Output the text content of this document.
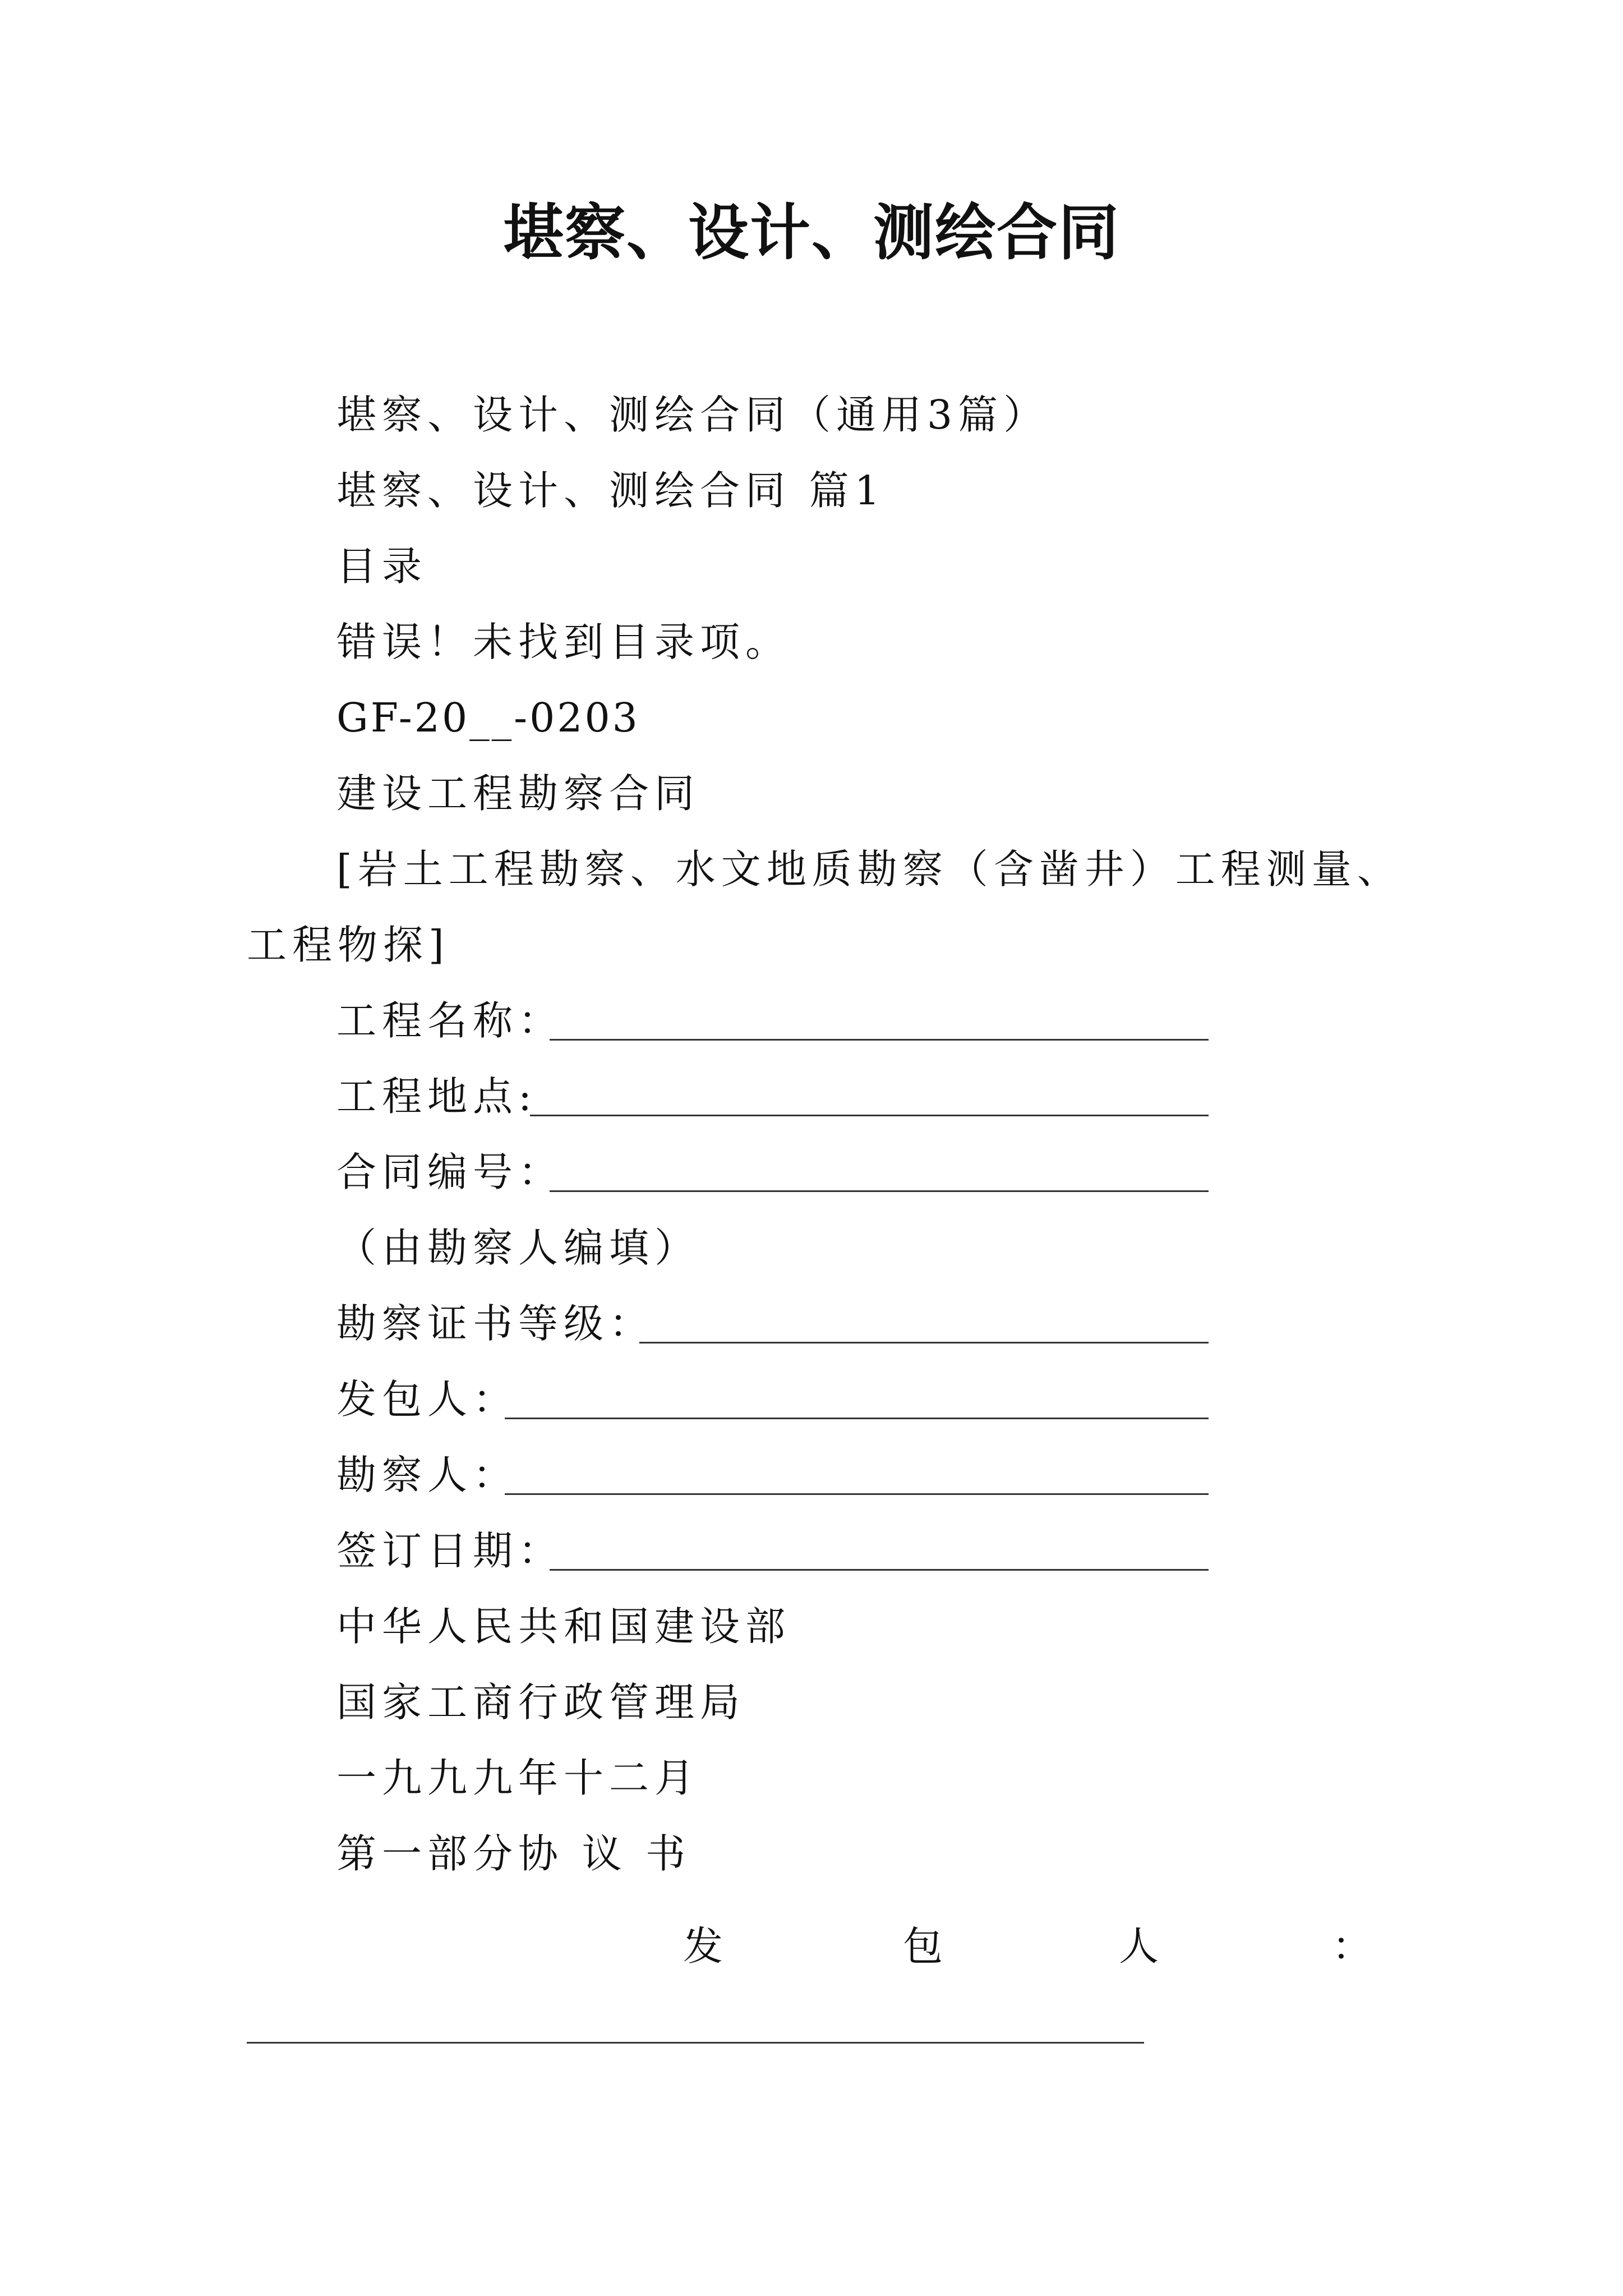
堪察、设计、测绘合同
堪察、设计、测绘合同（通用3篇）
堪察、设计、测绘合同 篇1
目录
错误！未找到目录项。
GF-20__-0203
建设工程勘察合同
[岩土工程勘察、水文地质勘察（含凿井）工程测量、
工程物探]
工程名称：
工程地点:
合同编号：
（由勘察人编填）
勘察证书等级：
发包人：
勘察人：
签订日期：
中华人民共和国建设部
国家工商行政管理局
一九九九年十二月
第一部分协 议 书
发	包	人	：
